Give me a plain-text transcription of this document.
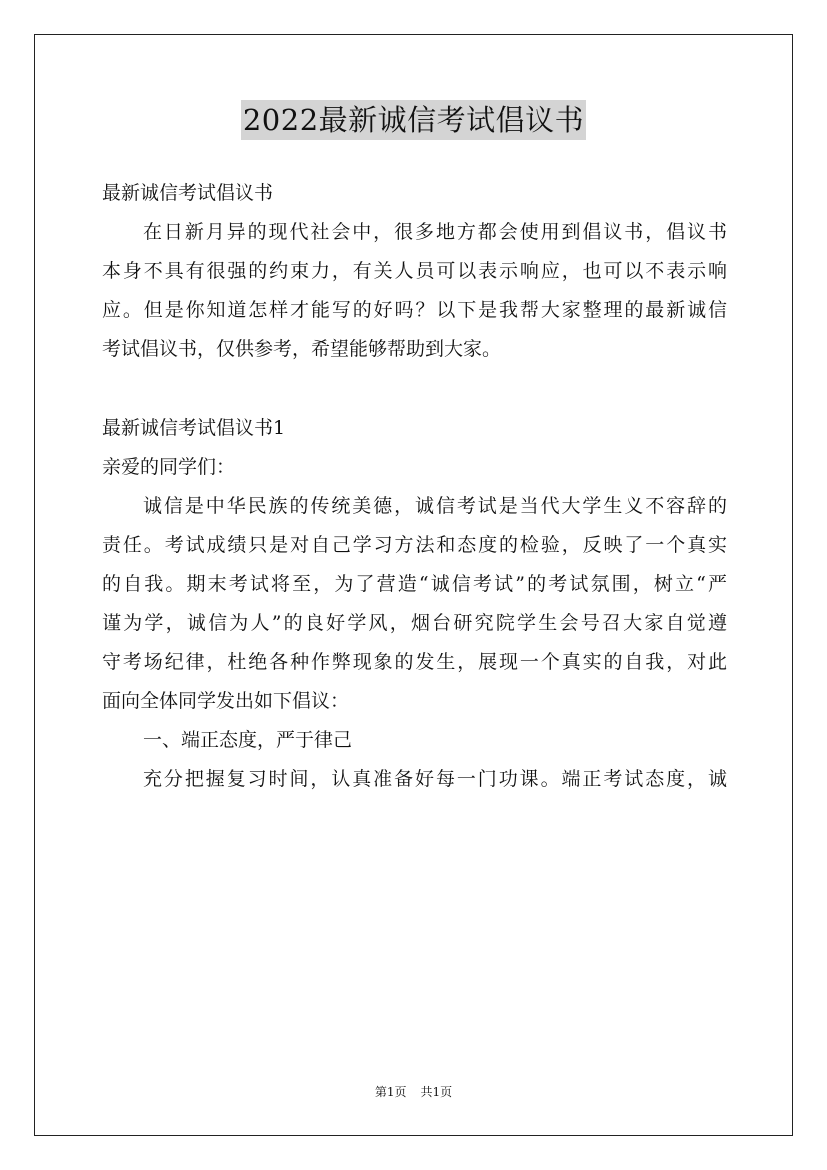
2022最新诚信考试倡议书
最新诚信考试倡议书
在日新月异的现代社会中，很多地方都会使用到倡议书，倡议书
本身不具有很强的约束力，有关人员可以表示响应，也可以不表示响
应。但是你知道怎样才能写的好吗？以下是我帮大家整理的最新诚信
考试倡议书，仅供参考，希望能够帮助到大家。
最新诚信考试倡议书1
亲爱的同学们：
诚信是中华民族的传统美德，诚信考试是当代大学生义不容辞的
责任。考试成绩只是对自己学习方法和态度的检验，反映了一个真实
的自我。期末考试将至，为了营造“诚信考试”的考试氛围，树立“严
谨为学，诚信为人”的良好学风，烟台研究院学生会号召大家自觉遵
守考场纪律，杜绝各种作弊现象的发生，展现一个真实的自我，对此
面向全体同学发出如下倡议：
一、端正态度，严于律己
充分把握复习时间，认真准备好每一门功课。端正考试态度，诚
第1页 共1页
